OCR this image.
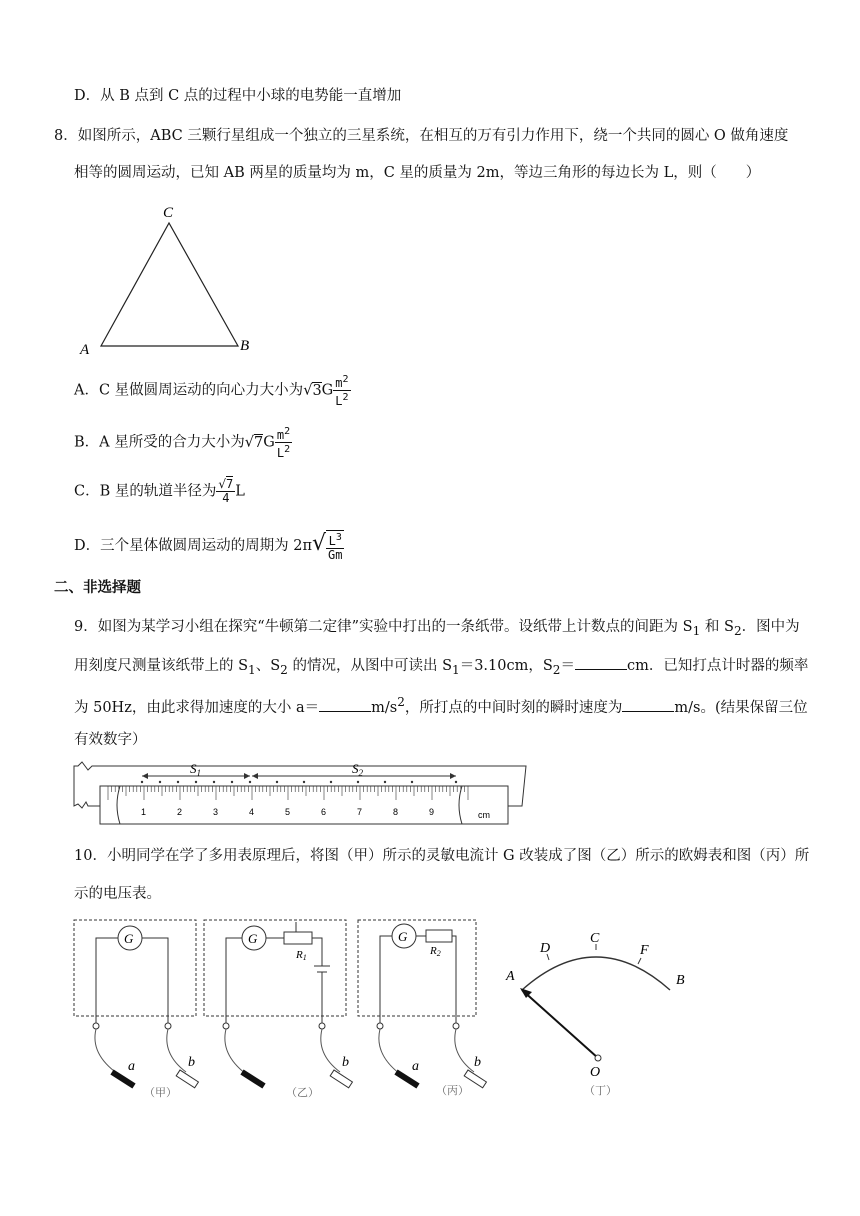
D．从 B 点到 C 点的过程中小球的电势能一直增加
8．如图所示，ABC 三颗行星组成一个独立的三星系统，在相互的万有引力作用下，绕一个共同的圆心 O 做角速度
相等的圆周运动，已知 AB 两星的质量均为 m，C 星的质量为 2m，等边三角形的每边长为 L，则（　　）
C
A	B
A．C 星做圆周运动的向心力大小为$√3G \frac{m^2}{L^2}$
B．A 星所受的合力大小为$√7G \frac{m^2}{L^2}$
C．B 星的轨道半径为 $\frac{√7}{4}$ L
D．三个星体做圆周运动的周期为 $2\pi√ \frac{L^3}{Gm}$
二、非选择题
9．如图为某学习小组在探究“牛顿第二定律”实验中打出的一条纸带。设纸带上计数点的间距为 $S_1$ 和 $S_2$．图中为
用刻度尺测量该纸带上的 $S_1$、$S_2$ 的情况，从图中可读出 $S_1=3.10cm$，$S_2=$	cm．已知打点计时器的频率
为 50Hz，由此求得加速度的大小 a＝	$m/s^2$，所打点的中间时刻的瞬时速度为	m/s。(结果保留三位
有效数字）
1	2	3	4	5	6	7	8	9
$S_1$	$S_2$
cm
10．小明同学在学了多用表原理后，将图（甲）所示的灵敏电流计 G 改装成了图（乙）所示的欧姆表和图（丙）所
示的电压表。
G
a	b
（甲）
G
R1
b
（乙）
G
R2
a	b
（丙）
A
D
C
F
B
O
（丁）
